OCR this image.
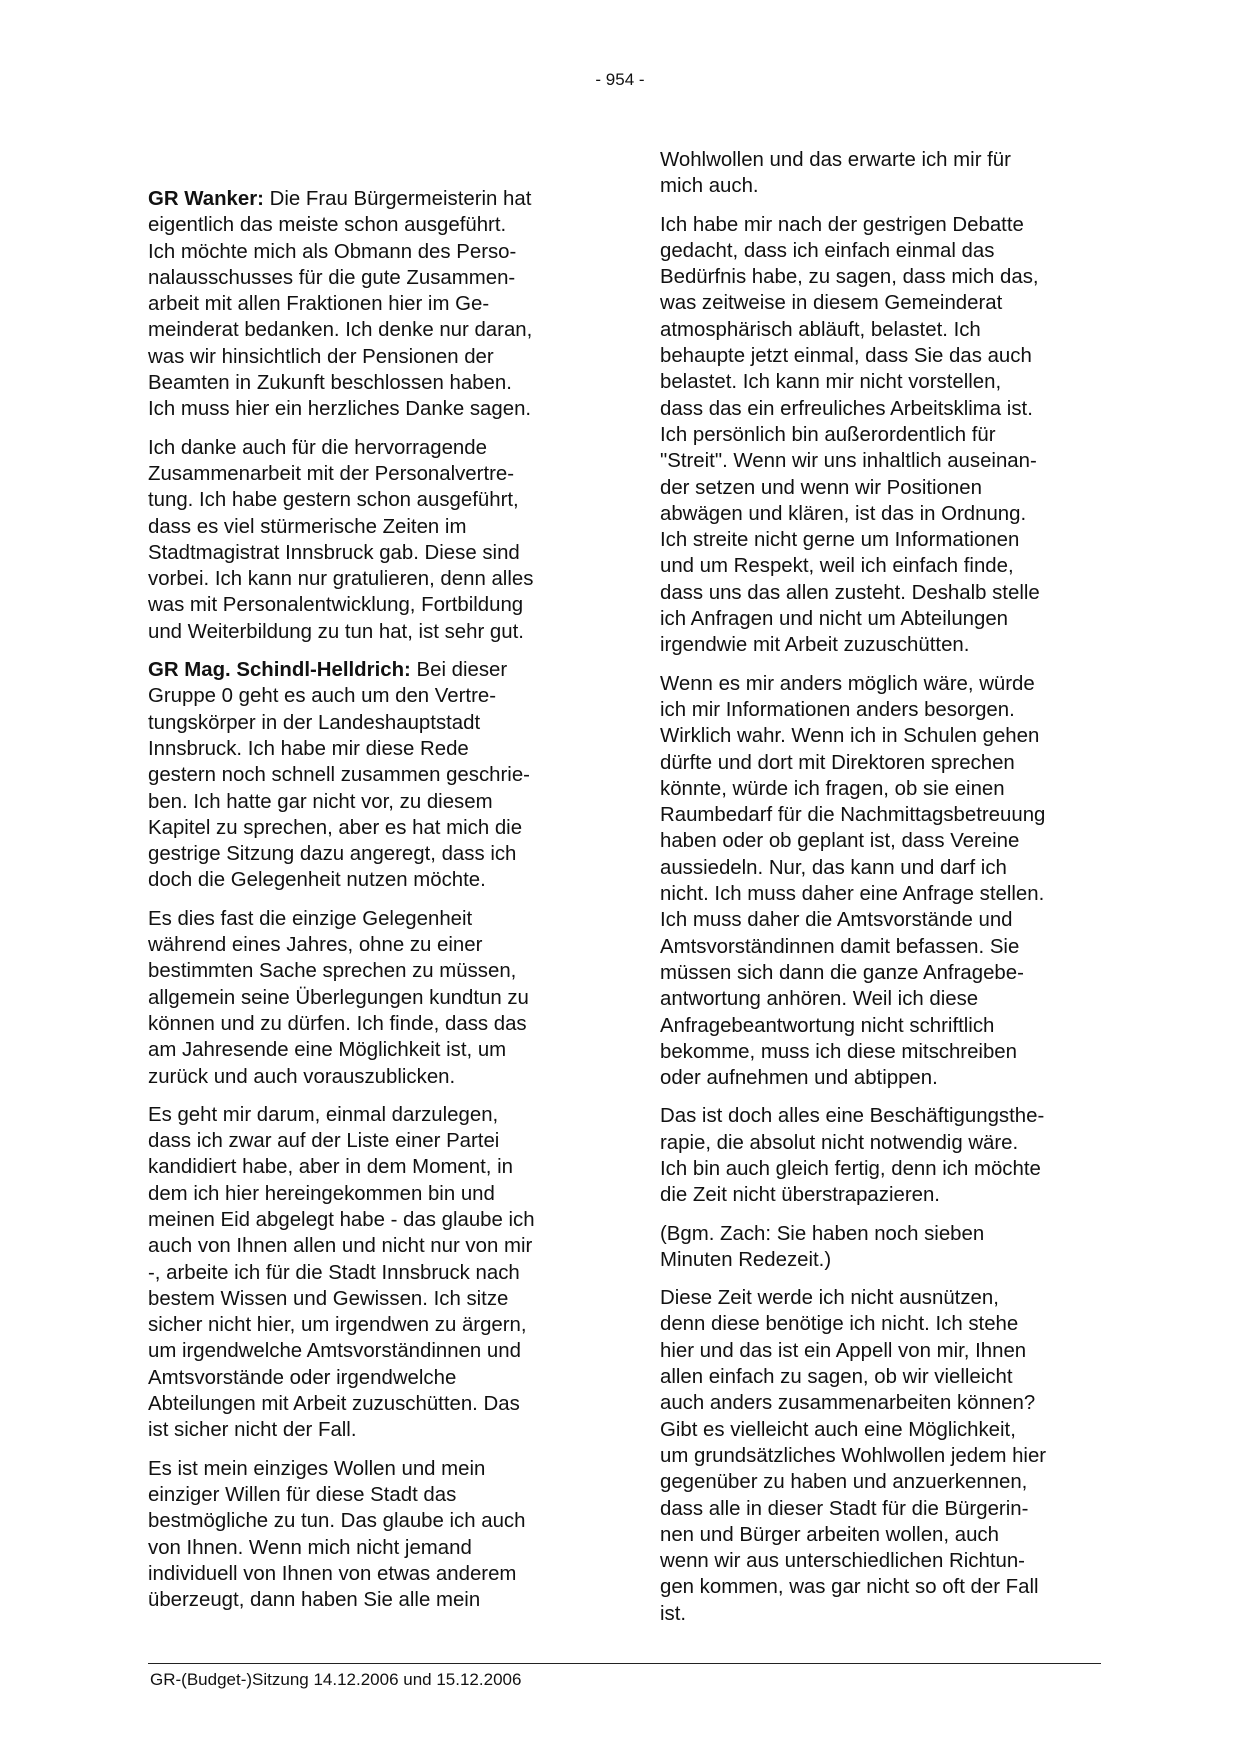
- 954 -

GR Wanker: Die Frau Bürgermeisterin hat
eigentlich das meiste schon ausgeführt.
Ich möchte mich als Obmann des Perso-
nalausschusses für die gute Zusammen-
arbeit mit allen Fraktionen hier im Ge-
meinderat bedanken. Ich denke nur daran,
was wir hinsichtlich der Pensionen der
Beamten in Zukunft beschlossen haben.
Ich muss hier ein herzliches Danke sagen.

Ich danke auch für die hervorragende
Zusammenarbeit mit der Personalvertre-
tung. Ich habe gestern schon ausgeführt,
dass es viel stürmerische Zeiten im
Stadtmagistrat Innsbruck gab. Diese sind
vorbei. Ich kann nur gratulieren, denn alles
was mit Personalentwicklung, Fortbildung
und Weiterbildung zu tun hat, ist sehr gut.

GR Mag. Schindl-Helldrich: Bei dieser
Gruppe 0 geht es auch um den Vertre-
tungskörper in der Landeshauptstadt
Innsbruck. Ich habe mir diese Rede
gestern noch schnell zusammen geschrie-
ben. Ich hatte gar nicht vor, zu diesem
Kapitel zu sprechen, aber es hat mich die
gestrige Sitzung dazu angeregt, dass ich
doch die Gelegenheit nutzen möchte.

Es dies fast die einzige Gelegenheit
während eines Jahres, ohne zu einer
bestimmten Sache sprechen zu müssen,
allgemein seine Überlegungen kundtun zu
können und zu dürfen. Ich finde, dass das
am Jahresende eine Möglichkeit ist, um
zurück und auch vorauszublicken.

Es geht mir darum, einmal darzulegen,
dass ich zwar auf der Liste einer Partei
kandidiert habe, aber in dem Moment, in
dem ich hier hereingekommen bin und
meinen Eid abgelegt habe - das glaube ich
auch von Ihnen allen und nicht nur von mir
-, arbeite ich für die Stadt Innsbruck nach
bestem Wissen und Gewissen. Ich sitze
sicher nicht hier, um irgendwen zu ärgern,
um irgendwelche Amtsvorständinnen und
Amtsvorstände oder irgendwelche
Abteilungen mit Arbeit zuzuschütten. Das
ist sicher nicht der Fall.

Es ist mein einziges Wollen und mein
einziger Willen für diese Stadt das
bestmögliche zu tun. Das glaube ich auch
von Ihnen. Wenn mich nicht jemand
individuell von Ihnen von etwas anderem
überzeugt, dann haben Sie alle mein

Wohlwollen und das erwarte ich mir für
mich auch.

Ich habe mir nach der gestrigen Debatte
gedacht, dass ich einfach einmal das
Bedürfnis habe, zu sagen, dass mich das,
was zeitweise in diesem Gemeinderat
atmosphärisch abläuft, belastet. Ich
behaupte jetzt einmal, dass Sie das auch
belastet. Ich kann mir nicht vorstellen,
dass das ein erfreuliches Arbeitsklima ist.
Ich persönlich bin außerordentlich für
"Streit". Wenn wir uns inhaltlich auseinan-
der setzen und wenn wir Positionen
abwägen und klären, ist das in Ordnung.
Ich streite nicht gerne um Informationen
und um Respekt, weil ich einfach finde,
dass uns das allen zusteht. Deshalb stelle
ich Anfragen und nicht um Abteilungen
irgendwie mit Arbeit zuzuschütten.

Wenn es mir anders möglich wäre, würde
ich mir Informationen anders besorgen.
Wirklich wahr. Wenn ich in Schulen gehen
dürfte und dort mit Direktoren sprechen
könnte, würde ich fragen, ob sie einen
Raumbedarf für die Nachmittagsbetreuung
haben oder ob geplant ist, dass Vereine
aussiedeln. Nur, das kann und darf ich
nicht. Ich muss daher eine Anfrage stellen.
Ich muss daher die Amtsvorstände und
Amtsvorständinnen damit befassen. Sie
müssen sich dann die ganze Anfragebe-
antwortung anhören. Weil ich diese
Anfragebeantwortung nicht schriftlich
bekomme, muss ich diese mitschreiben
oder aufnehmen und abtippen.

Das ist doch alles eine Beschäftigungsthe-
rapie, die absolut nicht notwendig wäre.
Ich bin auch gleich fertig, denn ich möchte
die Zeit nicht überstrapazieren.

(Bgm. Zach: Sie haben noch sieben
Minuten Redezeit.)

Diese Zeit werde ich nicht ausnützen,
denn diese benötige ich nicht. Ich stehe
hier und das ist ein Appell von mir, Ihnen
allen einfach zu sagen, ob wir vielleicht
auch anders zusammenarbeiten können?
Gibt es vielleicht auch eine Möglichkeit,
um grundsätzliches Wohlwollen jedem hier
gegenüber zu haben und anzuerkennen,
dass alle in dieser Stadt für die Bürgerin-
nen und Bürger arbeiten wollen, auch
wenn wir aus unterschiedlichen Richtun-
gen kommen, was gar nicht so oft der Fall
ist.

GR-(Budget-)Sitzung 14.12.2006 und 15.12.2006
